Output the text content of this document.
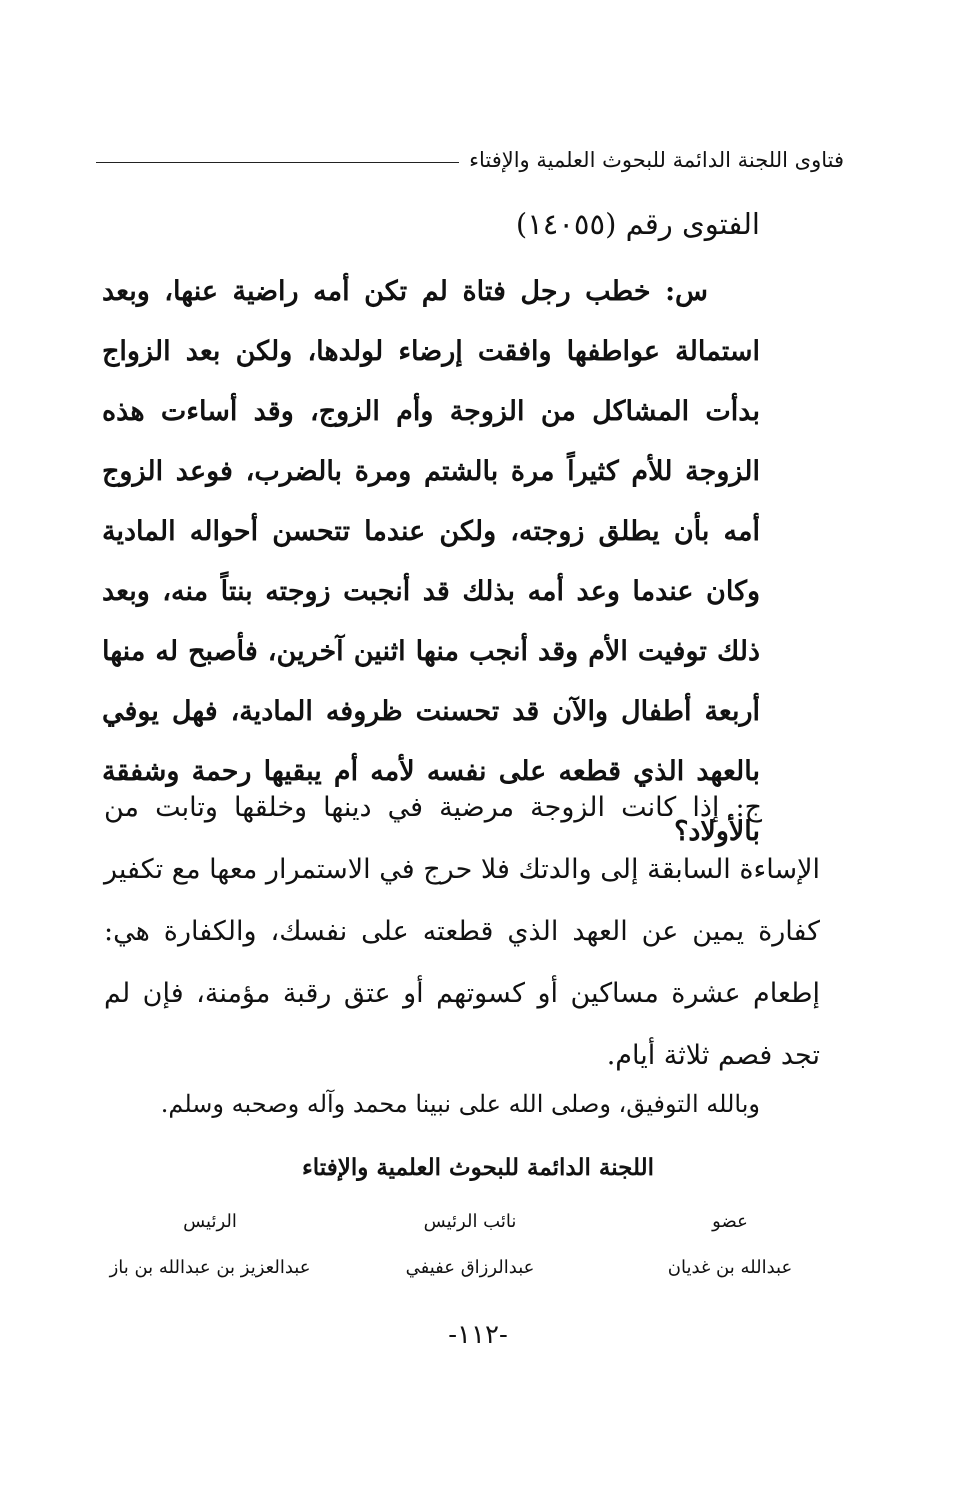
فتاوى اللجنة الدائمة للبحوث العلمية والإفتاء
الفتوى رقم (١٤٠٥٥)

س: خطب رجل فتاة لم تكن أمه راضية عنها، وبعد استمالة عواطفها وافقت إرضاء لولدها، ولكن بعد الزواج بدأت المشاكل من الزوجة وأم الزوج، وقد أساءت هذه الزوجة للأم كثيراً مرة بالشتم ومرة بالضرب، فوعد الزوج أمه بأن يطلق زوجته، ولكن عندما تتحسن أحواله المادية وكان عندما وعد أمه بذلك قد أنجبت زوجته بنتاً منه، وبعد ذلك توفيت الأم وقد أنجب منها اثنين آخرين، فأصبح له منها أربعة أطفال والآن قد تحسنت ظروفه المادية، فهل يوفي بالعهد الذي قطعه على نفسه لأمه أم يبقيها رحمة وشفقة بالأولاد؟

ج: إذا كانت الزوجة مرضية في دينها وخلقها وتابت من الإساءة السابقة إلى والدتك فلا حرج في الاستمرار معها مع تكفير كفارة يمين عن العهد الذي قطعته على نفسك، والكفارة هي: إطعام عشرة مساكين أو كسوتهم أو عتق رقبة مؤمنة، فإن لم تجد فصم ثلاثة أيام.

وبالله التوفيق، وصلى الله على نبينا محمد وآله وصحبه وسلم.
اللجنة الدائمة للبحوث العلمية والإفتاء
عضو
عبدالله بن غديان
نائب الرئيس
عبدالرزاق عفيفي
الرئيس
عبدالعزيز بن عبدالله بن باز
-١١٢-
